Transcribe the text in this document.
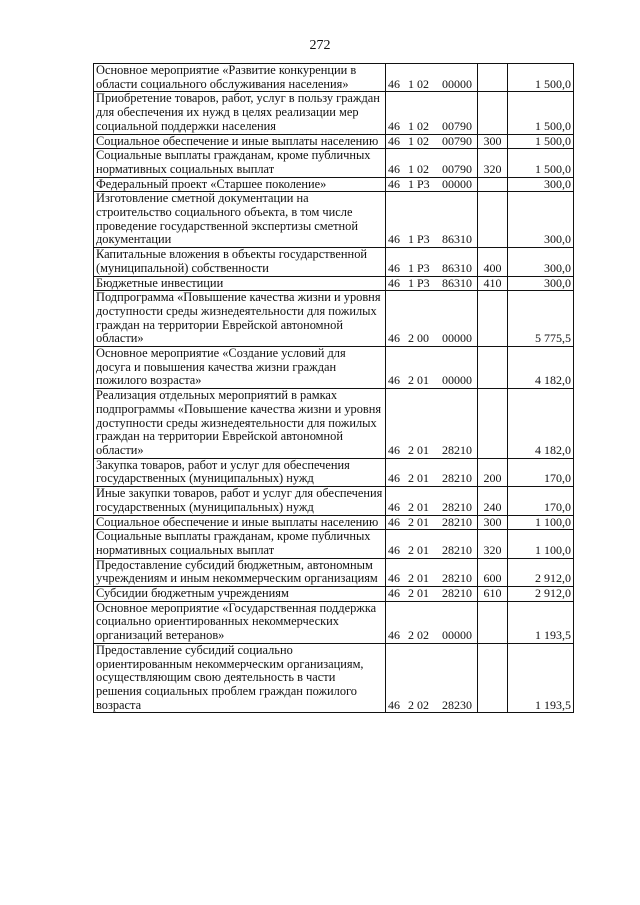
272
Основное мероприятие «Развитие конкуренции в области социального обслуживания населения»	46 1 02 00000		1 500,0
Приобретение товаров, работ, услуг в пользу граждан для обеспечения их нужд в целях реализации мер социальной поддержки населения	46 1 02 00790		1 500,0
Социальное обеспечение и иные выплаты населению	46 1 02 00790	300	1 500,0
Социальные выплаты гражданам, кроме публичных нормативных социальных выплат	46 1 02 00790	320	1 500,0
Федеральный проект «Старшее поколение»	46 1 P3 00000		300,0
Изготовление сметной документации на строительство социального объекта, в том числе проведение государственной экспертизы сметной документации	46 1 P3 86310		300,0
Капитальные вложения в объекты государственной (муниципальной) собственности	46 1 P3 86310	400	300,0
Бюджетные инвестиции	46 1 P3 86310	410	300,0
Подпрограмма «Повышение качества жизни и уровня доступности среды жизнедеятельности для пожилых граждан на территории Еврейской автономной области»	46 2 00 00000		5 775,5
Основное мероприятие «Создание условий для досуга и повышения качества жизни граждан пожилого возраста»	46 2 01 00000		4 182,0
Реализация отдельных мероприятий в рамках подпрограммы «Повышение качества жизни и уровня доступности среды жизнедеятельности для пожилых граждан на территории Еврейской автономной области»	46 2 01 28210		4 182,0
Закупка товаров, работ и услуг для обеспечения государственных (муниципальных) нужд	46 2 01 28210	200	170,0
Иные закупки товаров, работ и услуг для обеспечения государственных (муниципальных) нужд	46 2 01 28210	240	170,0
Социальное обеспечение и иные выплаты населению	46 2 01 28210	300	1 100,0
Социальные выплаты гражданам, кроме публичных нормативных социальных выплат	46 2 01 28210	320	1 100,0
Предоставление субсидий бюджетным, автономным учреждениям и иным некоммерческим организациям	46 2 01 28210	600	2 912,0
Субсидии бюджетным учреждениям	46 2 01 28210	610	2 912,0
Основное мероприятие «Государственная поддержка социально ориентированных некоммерческих организаций ветеранов»	46 2 02 00000		1 193,5
Предоставление субсидий социально ориентированным некоммерческим организациям, осуществляющим свою деятельность в части решения социальных проблем граждан пожилого возраста	46 2 02 28230		1 193,5
